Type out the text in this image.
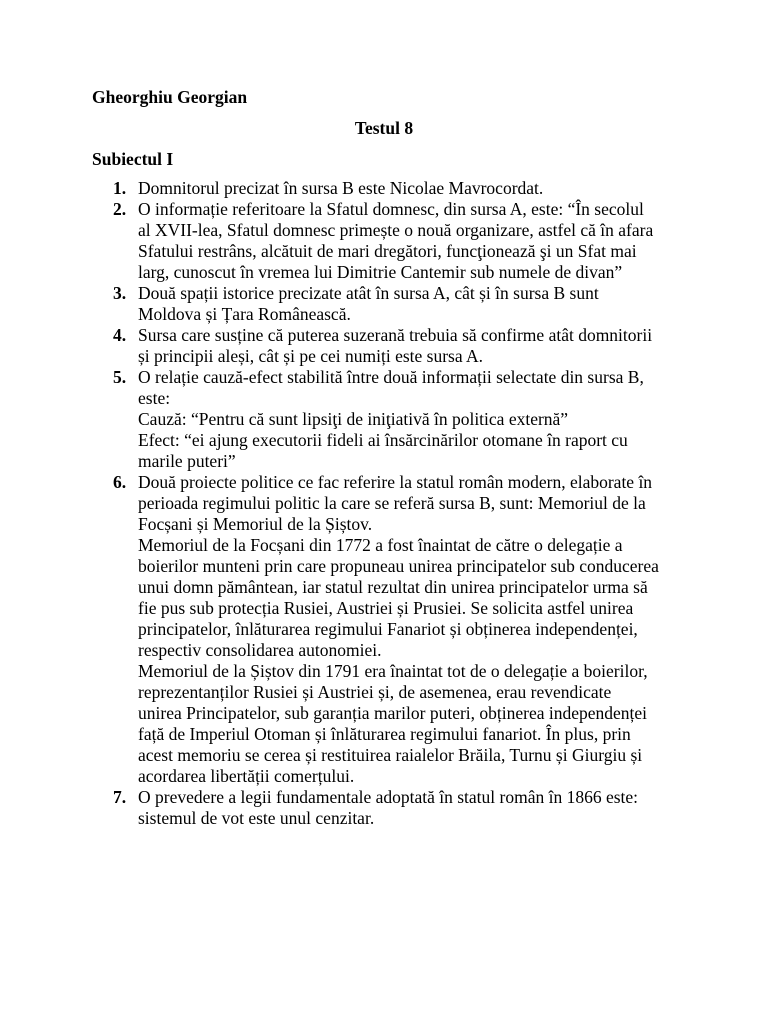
Gheorghiu Georgian
Testul 8
Subiectul I
1. Domnitorul precizat în sursa B este Nicolae Mavrocordat.
2. O informație referitoare la Sfatul domnesc, din sursa A, este: “În secolul
al XVII-lea, Sfatul domnesc primește o nouă organizare, astfel că în afara
Sfatului restrâns, alcătuit de mari dregători, funcţionează şi un Sfat mai
larg, cunoscut în vremea lui Dimitrie Cantemir sub numele de divan”
3. Două spații istorice precizate atât în sursa A, cât și în sursa B sunt
Moldova și Țara Românească.
4. Sursa care susține că puterea suzerană trebuia să confirme atât domnitorii
și principii aleși, cât și pe cei numiți este sursa A.
5. O relație cauză-efect stabilită între două informații selectate din sursa B,
este:
Cauză: “Pentru că sunt lipsiţi de iniţiativă în politica externă”
Efect: “ei ajung executorii fideli ai însărcinărilor otomane în raport cu
marile puteri”
6. Două proiecte politice ce fac referire la statul român modern, elaborate în
perioada regimului politic la care se referă sursa B, sunt: Memoriul de la
Focșani și Memoriul de la Șiștov.
Memoriul de la Focșani din 1772 a fost înaintat de către o delegație a
boierilor munteni prin care propuneau unirea principatelor sub conducerea
unui domn pământean, iar statul rezultat din unirea principatelor urma să
fie pus sub protecția Rusiei, Austriei și Prusiei. Se solicita astfel unirea
principatelor, înlăturarea regimului Fanariot și obținerea independenței,
respectiv consolidarea autonomiei.
Memoriul de la Șiștov din 1791 era înaintat tot de o delegație a boierilor,
reprezentanților Rusiei și Austriei și, de asemenea, erau revendicate
unirea Principatelor, sub garanția marilor puteri, obținerea independenței
față de Imperiul Otoman și înlăturarea regimului fanariot. În plus, prin
acest memoriu se cerea și restituirea raialelor Brăila, Turnu și Giurgiu și
acordarea libertății comerțului.
7. O prevedere a legii fundamentale adoptată în statul român în 1866 este:
sistemul de vot este unul cenzitar.
